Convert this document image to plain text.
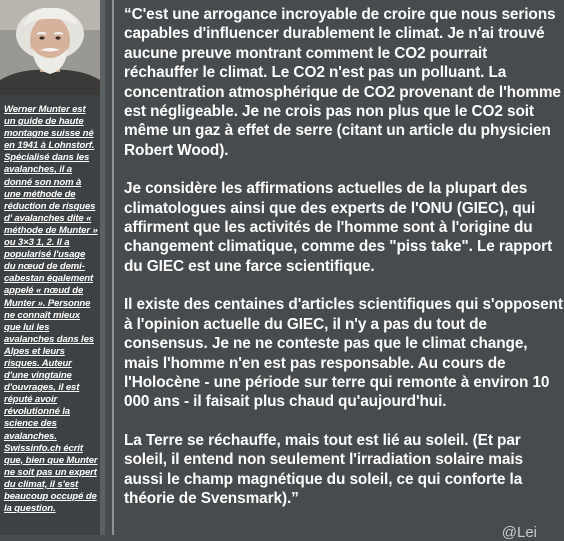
Werner Munter est un guide de haute montagne suisse né en 1941 à Lohnstorf. Spécialisé dans les avalanches, il a donné son nom à une méthode de réduction de risques d' avalanches dite « méthode de Munter » ou 3×3 1, 2. Il a popularisé l'usage du nœud de demi-cabestan également appelé « nœud de Munter ». Personne ne connaît mieux que lui les avalanches dans les Alpes et leurs risques. Auteur d'une vingtaine d'ouvrages, il est réputé avoir révolutionné la science des avalanches. Swissinfo.ch écrit que, bien que Munter ne soit pas un expert du climat, il s'est beaucoup occupé de la question.

“C'est une arrogance incroyable de croire que nous serions capables d'influencer durablement le climat. Je n'ai trouvé aucune preuve montrant comment le CO2 pourrait réchauffer le climat. Le CO2 n'est pas un polluant. La concentration atmosphérique de CO2 provenant de l'homme est négligeable. Je ne crois pas non plus que le CO2 soit même un gaz à effet de serre (citant un article du physicien Robert Wood).

Je considère les affirmations actuelles de la plupart des climatologues ainsi que des experts de l'ONU (GIEC), qui affirment que les activités de l'homme sont à l'origine du changement climatique, comme des "piss take". Le rapport du GIEC est une farce scientifique.

Il existe des centaines d'articles scientifiques qui s'opposent à l'opinion actuelle du GIEC, il n'y a pas du tout de consensus. Je ne ne conteste pas que le climat change, mais l'homme n'en est pas responsable. Au cours de l'Holocène - une période sur terre qui remonte à environ 10 000 ans - il faisait plus chaud qu'aujourd'hui.

La Terre se réchauffe, mais tout est lié au soleil. (Et par soleil, il entend non seulement l'irradiation solaire mais aussi le champ magnétique du soleil, ce qui conforte la théorie de Svensmark).”

@Lei
